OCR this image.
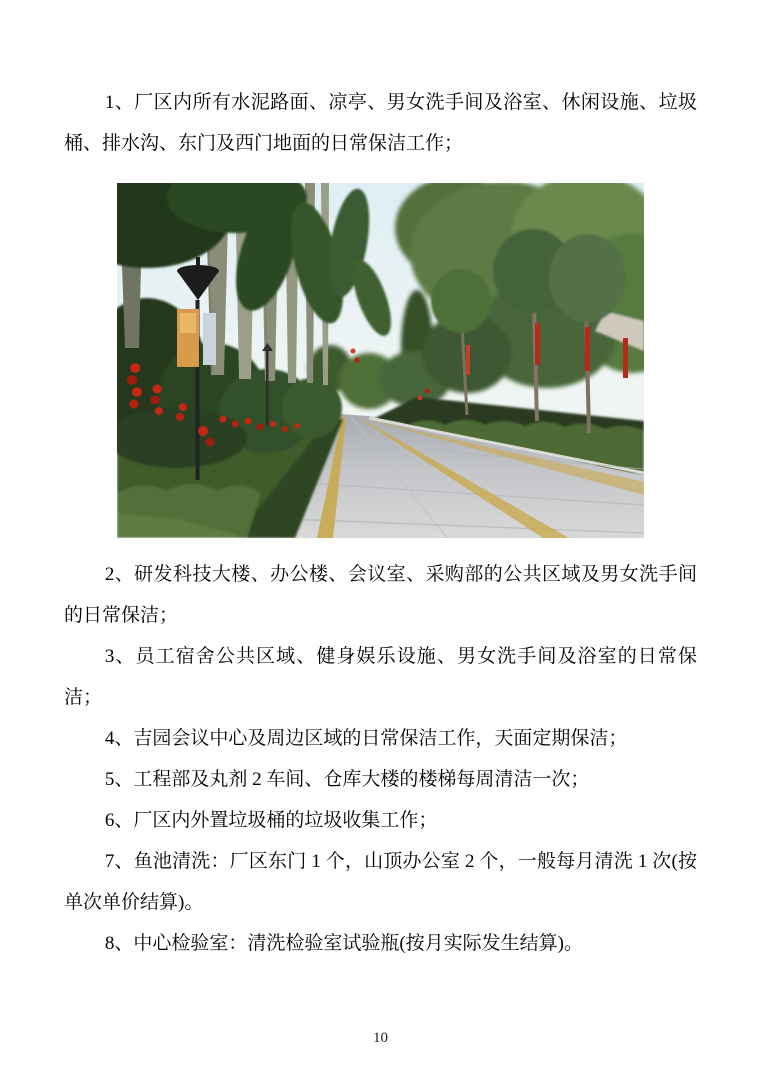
1、厂区内所有水泥路面、凉亭、男女洗手间及浴室、休闲设施、垃圾桶、排水沟、东门及西门地面的日常保洁工作；

2、研发科技大楼、办公楼、会议室、采购部的公共区域及男女洗手间的日常保洁；

3、员工宿舍公共区域、健身娱乐设施、男女洗手间及浴室的日常保洁；

4、吉园会议中心及周边区域的日常保洁工作，天面定期保洁；

5、工程部及丸剂 2 车间、仓库大楼的楼梯每周清洁一次；

6、厂区内外置垃圾桶的垃圾收集工作；

7、鱼池清洗：厂区东门 1 个，山顶办公室 2 个，一般每月清洗 1 次(按单次单价结算)。

8、中心检验室：清洗检验室试验瓶(按月实际发生结算)。

10
